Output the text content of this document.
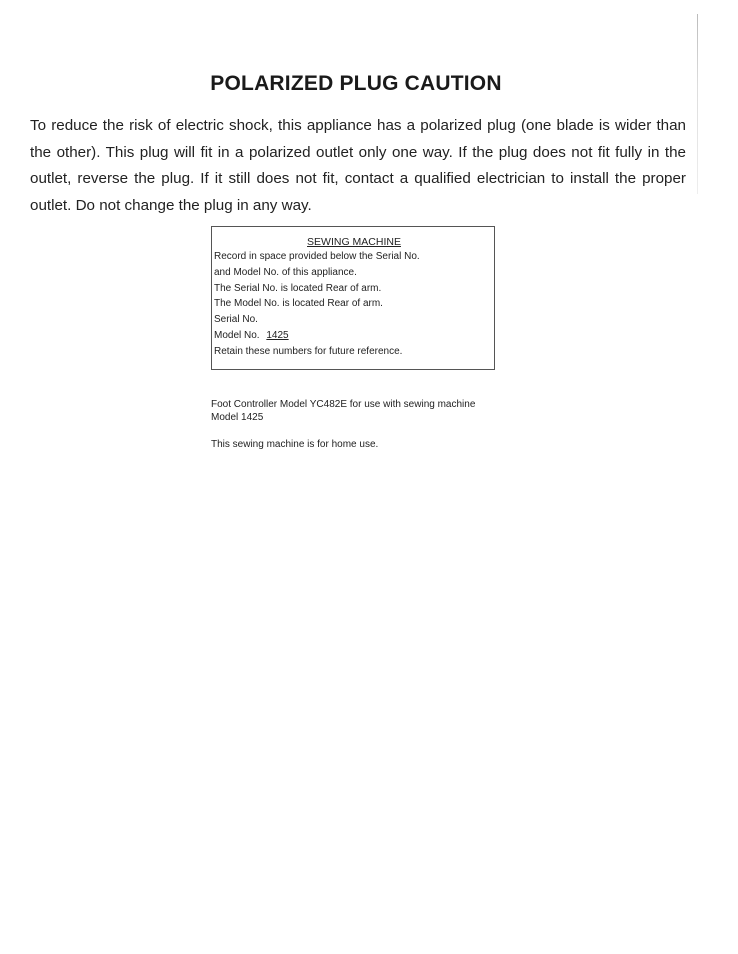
POLARIZED PLUG CAUTION

To reduce the risk of electric shock, this appliance has a polarized plug (one blade is wider than the other). This plug will fit in a polarized outlet only one way. If the plug does not fit fully in the outlet, reverse the plug. If it still does not fit, contact a qualified electrician to install the proper outlet. Do not change the plug in any way.

SEWING MACHINE
Record in space provided below the Serial No.
and Model No. of this appliance.
The Serial No. is located Rear of arm.
The Model No. is located Rear of arm.
Serial No.
Model No. 1425
Retain these numbers for future reference.
Foot Controller Model YC482E for use with sewing machine
Model 1425
This sewing machine is for home use.
